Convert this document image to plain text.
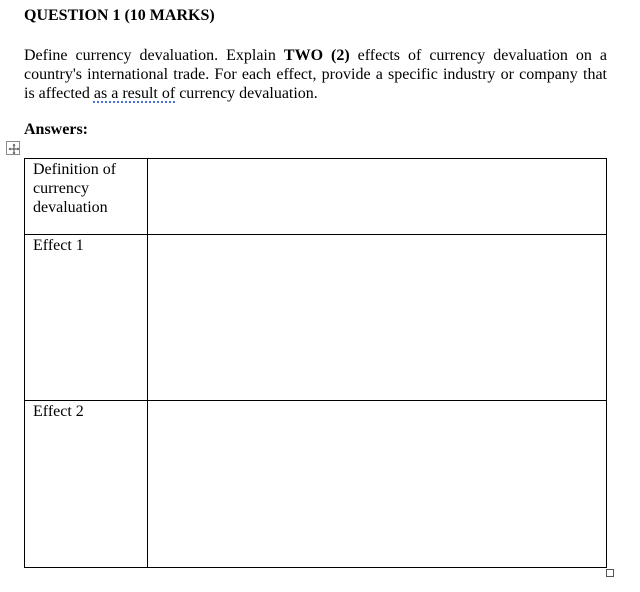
QUESTION 1 (10 MARKS)
Define currency devaluation. Explain TWO (2) effects of currency devaluation on a
country's international trade. For each effect, provide a specific industry or company that
is affected as a result of currency devaluation.
Answers:
Definition of currency devaluation	
Effect 1	
Effect 2	
